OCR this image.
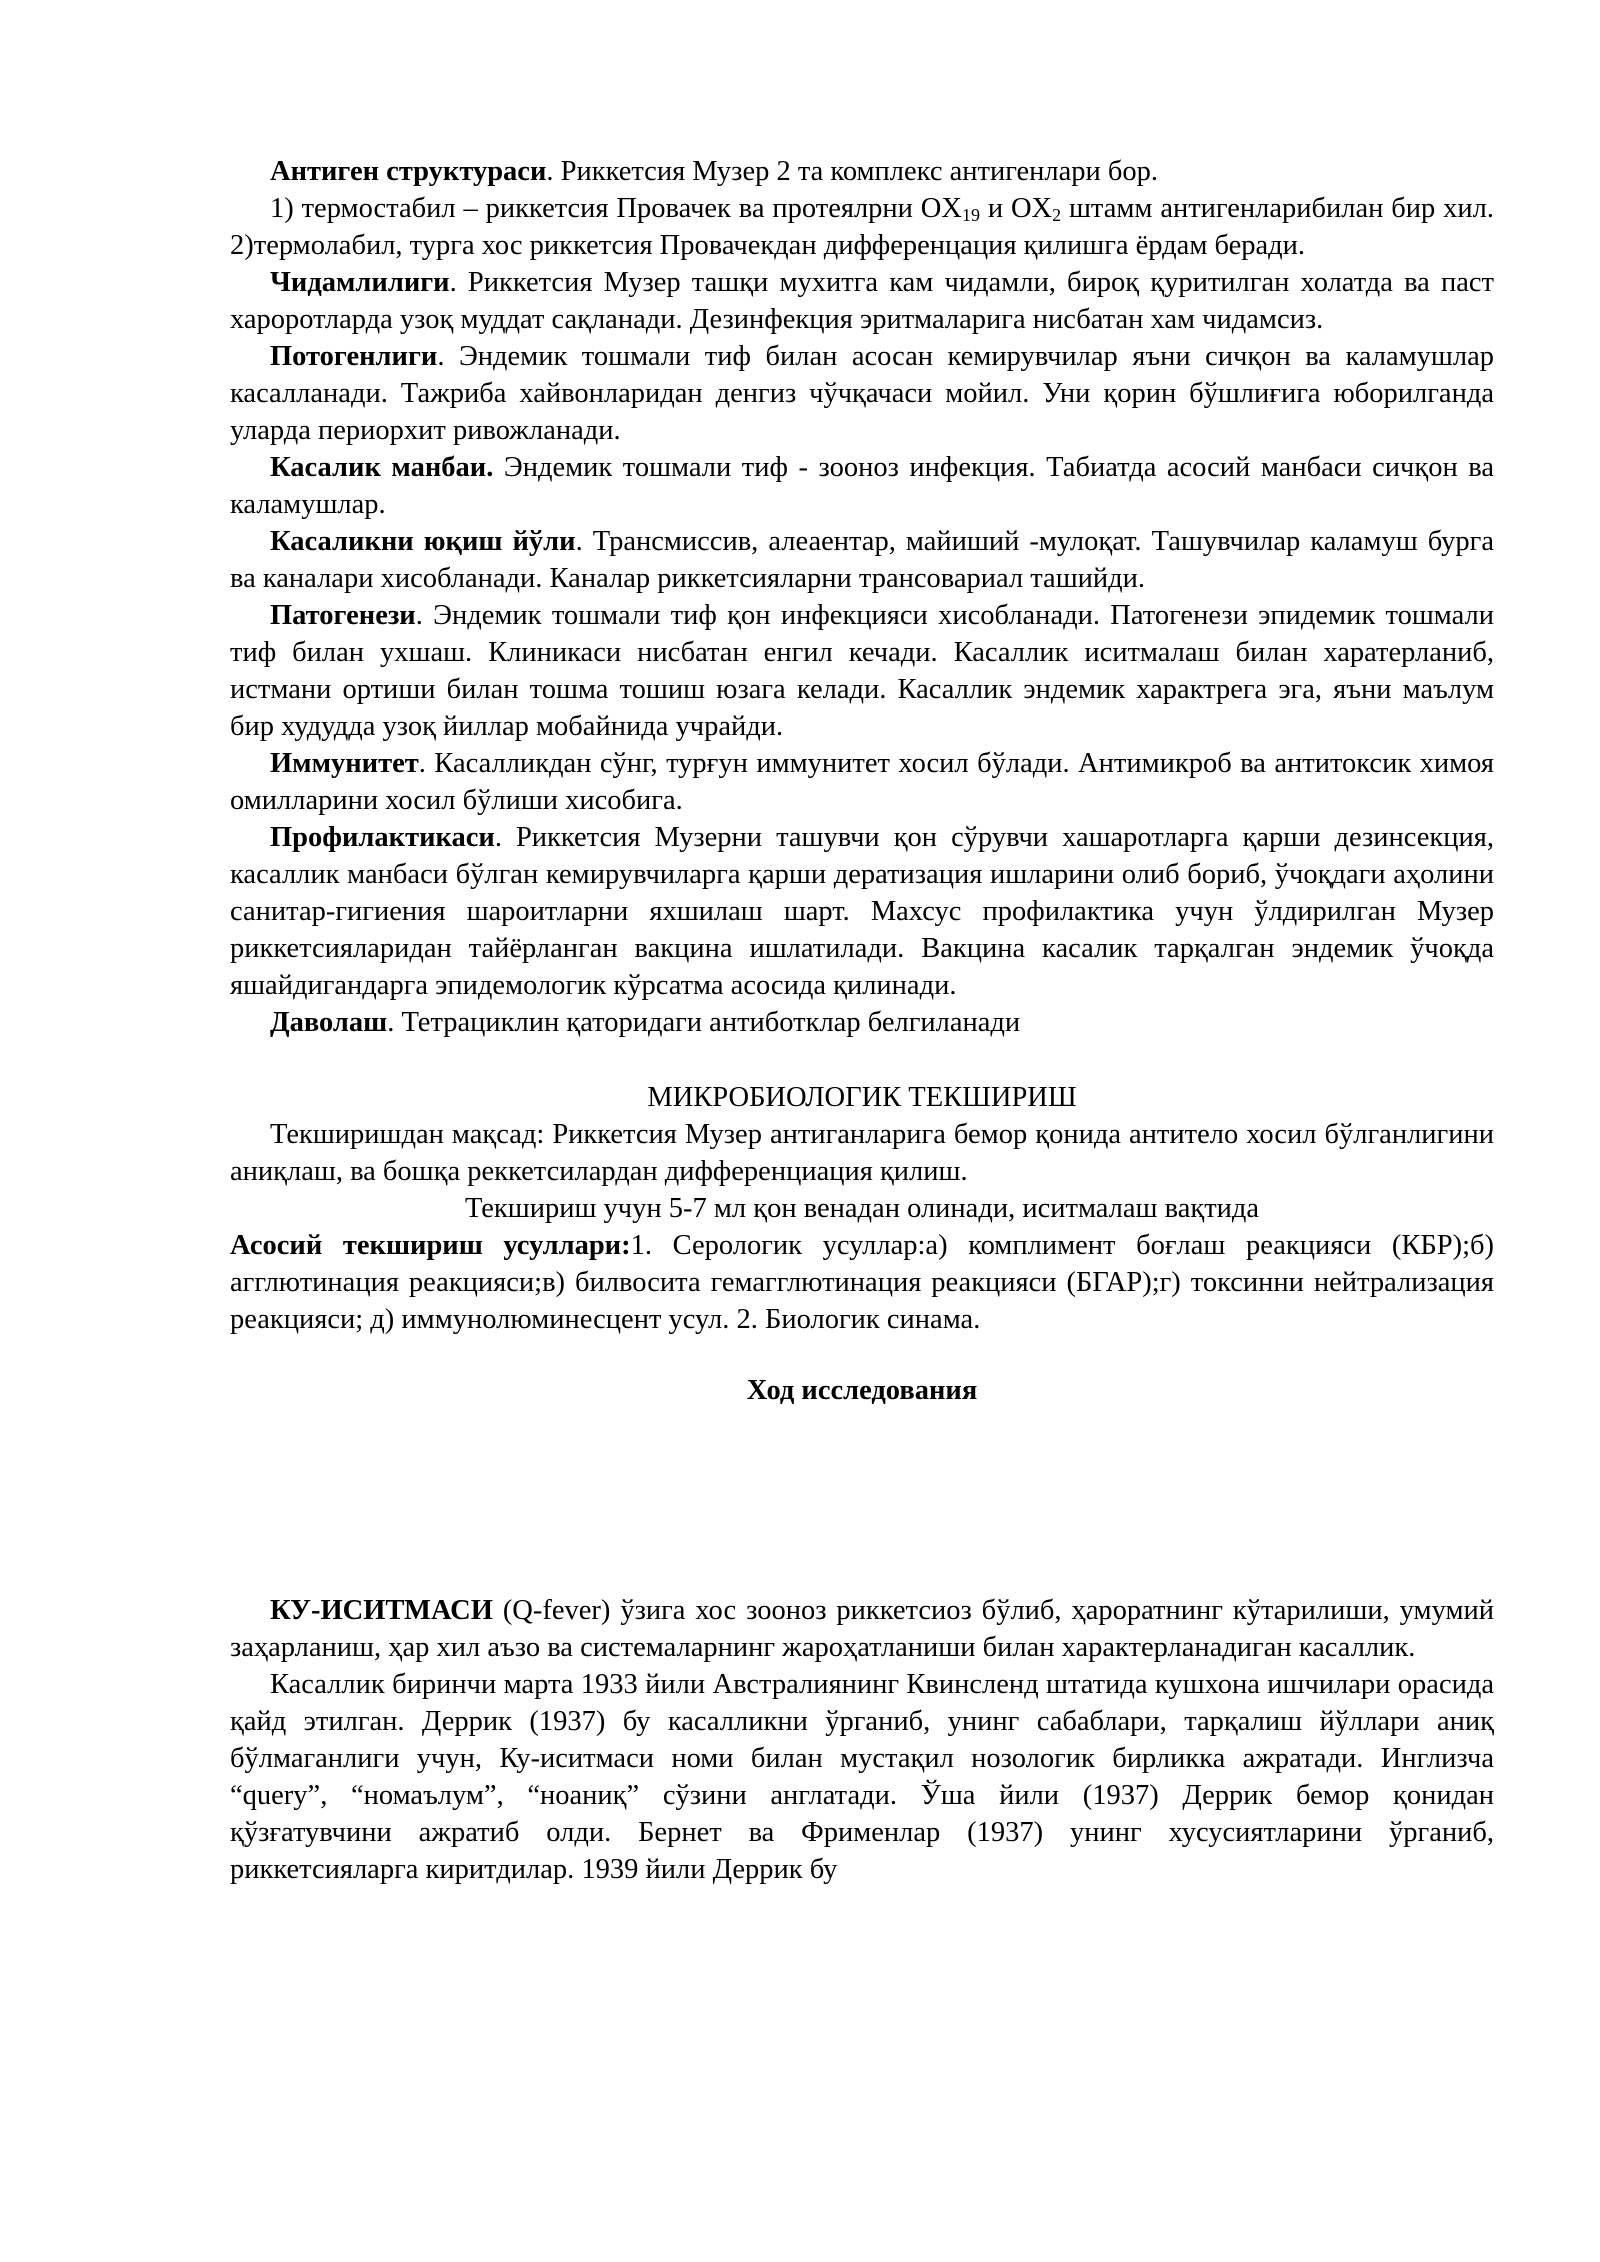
Антиген структураси. Риккетсия Музер 2 та комплекс антигенлари бор.

1) термостабил – риккетсия Провачек ва протеялрни $OX_{19}$ и $OX_2$ штамм антигенларибилан бир хил. 2)термолабил, турга хос риккетсия Провачекдан дифференцация қилишга ёрдам беради.

Чидамлилиги. Риккетсия Музер ташқи мухитга кам чидамли, бироқ қуритилган холатда ва паст хароротларда узоқ муддат сақланади. Дезинфекция эритмаларига нисбатан хам чидамсиз.

Потогенлиги. Эндемик тошмали тиф билан асосан кемирувчилар яъни сичқон ва каламушлар касалланади. Тажриба хайвонларидан денгиз чўчқачаси мойил. Уни қорин бўшлиғига юборилганда уларда периорхит ривожланади.

Касалик манбаи. Эндемик тошмали тиф - зооноз инфекция. Табиатда асосий манбаси сичқон ва каламушлар.

Касаликни юқиш йўли. Трансмиссив, алеаентар, майиший -мулоқат. Ташувчилар каламуш бурга ва каналари хисобланади. Каналар риккетсияларни трансовариал ташийди.

Патогенези. Эндемик тошмали тиф қон инфекцияси хисобланади. Патогенези эпидемик тошмали тиф билан ухшаш. Клиникаси нисбатан енгил кечади. Касаллик иситмалаш билан харатерланиб, истмани ортиши билан тошма тошиш юзага келади. Касаллик эндемик характрега эга, яъни маълум бир худудда узоқ йиллар мобайнида учрайди.

Иммунитет. Касалликдан сўнг, турғун иммунитет хосил бўлади. Антимикроб ва антитоксик химоя омилларини хосил бўлиши хисобига.

Профилактикаси. Риккетсия Музерни ташувчи қон сўрувчи хашаротларга қарши дезинсекция, касаллик манбаси бўлган кемирувчиларга қарши дератизация ишларини олиб бориб, ўчоқдаги аҳолини санитар-гигиения шароитларни яхшилаш шарт. Махсус профилактика учун ўлдирилган Музер риккетсияларидан тайёрланган вакцина ишлатилади. Вакцина касалик тарқалган эндемик ўчоқда яшайдигандарга эпидемологик кўрсатма асосида қилинади.

Даволаш. Тетрациклин қаторидаги антиботклар белгиланади

МИКРОБИОЛОГИК ТЕКШИРИШ

Текширишдан мақсад: Риккетсия Музер антиганларига бемор қонида антитело хосил бўлганлигини аниқлаш, ва бошқа реккетсилардан дифференциация қилиш.

Текшириш учун 5-7 мл қон венадан олинади, иситмалаш вақтида

Асосий текшириш усуллари:1. Серологик усуллар:а) комплимент боғлаш реакцияси (КБР);б) агглютинация реакцияси;в) билвосита гемагглютинация реакцияси (БГАР);г) токсинни нейтрализация реакцияси; д) иммунолюминесцент усул. 2. Биологик синама.

Ход исследования

КУ-ИСИТМАСИ (Q-fever) ўзига хос зооноз риккетсиоз бўлиб, ҳароратнинг кўтарилиши, умумий заҳарланиш, ҳар хил аъзо ва системаларнинг жароҳатланиши билан характерланадиган касаллик.

Касаллик биринчи марта 1933 йили Австралиянинг Квинсленд штатида кушхона ишчилари орасида қайд этилган. Деррик (1937) бу касалликни ўрганиб, унинг сабаблари, тарқалиш йўллари аниқ бўлмаганлиги учун, Ку-иситмаси номи билан мустақил нозологик бирликка ажратади. Инглизча “query”, “номаълум”, “ноаниқ” сўзини англатади. Ўша йили (1937) Деррик бемор қонидан қўзғатувчини ажратиб олди. Бернет ва Фрименлар (1937) унинг хусусиятларини ўрганиб, риккетсияларга киритдилар. 1939 йили Деррик бу
